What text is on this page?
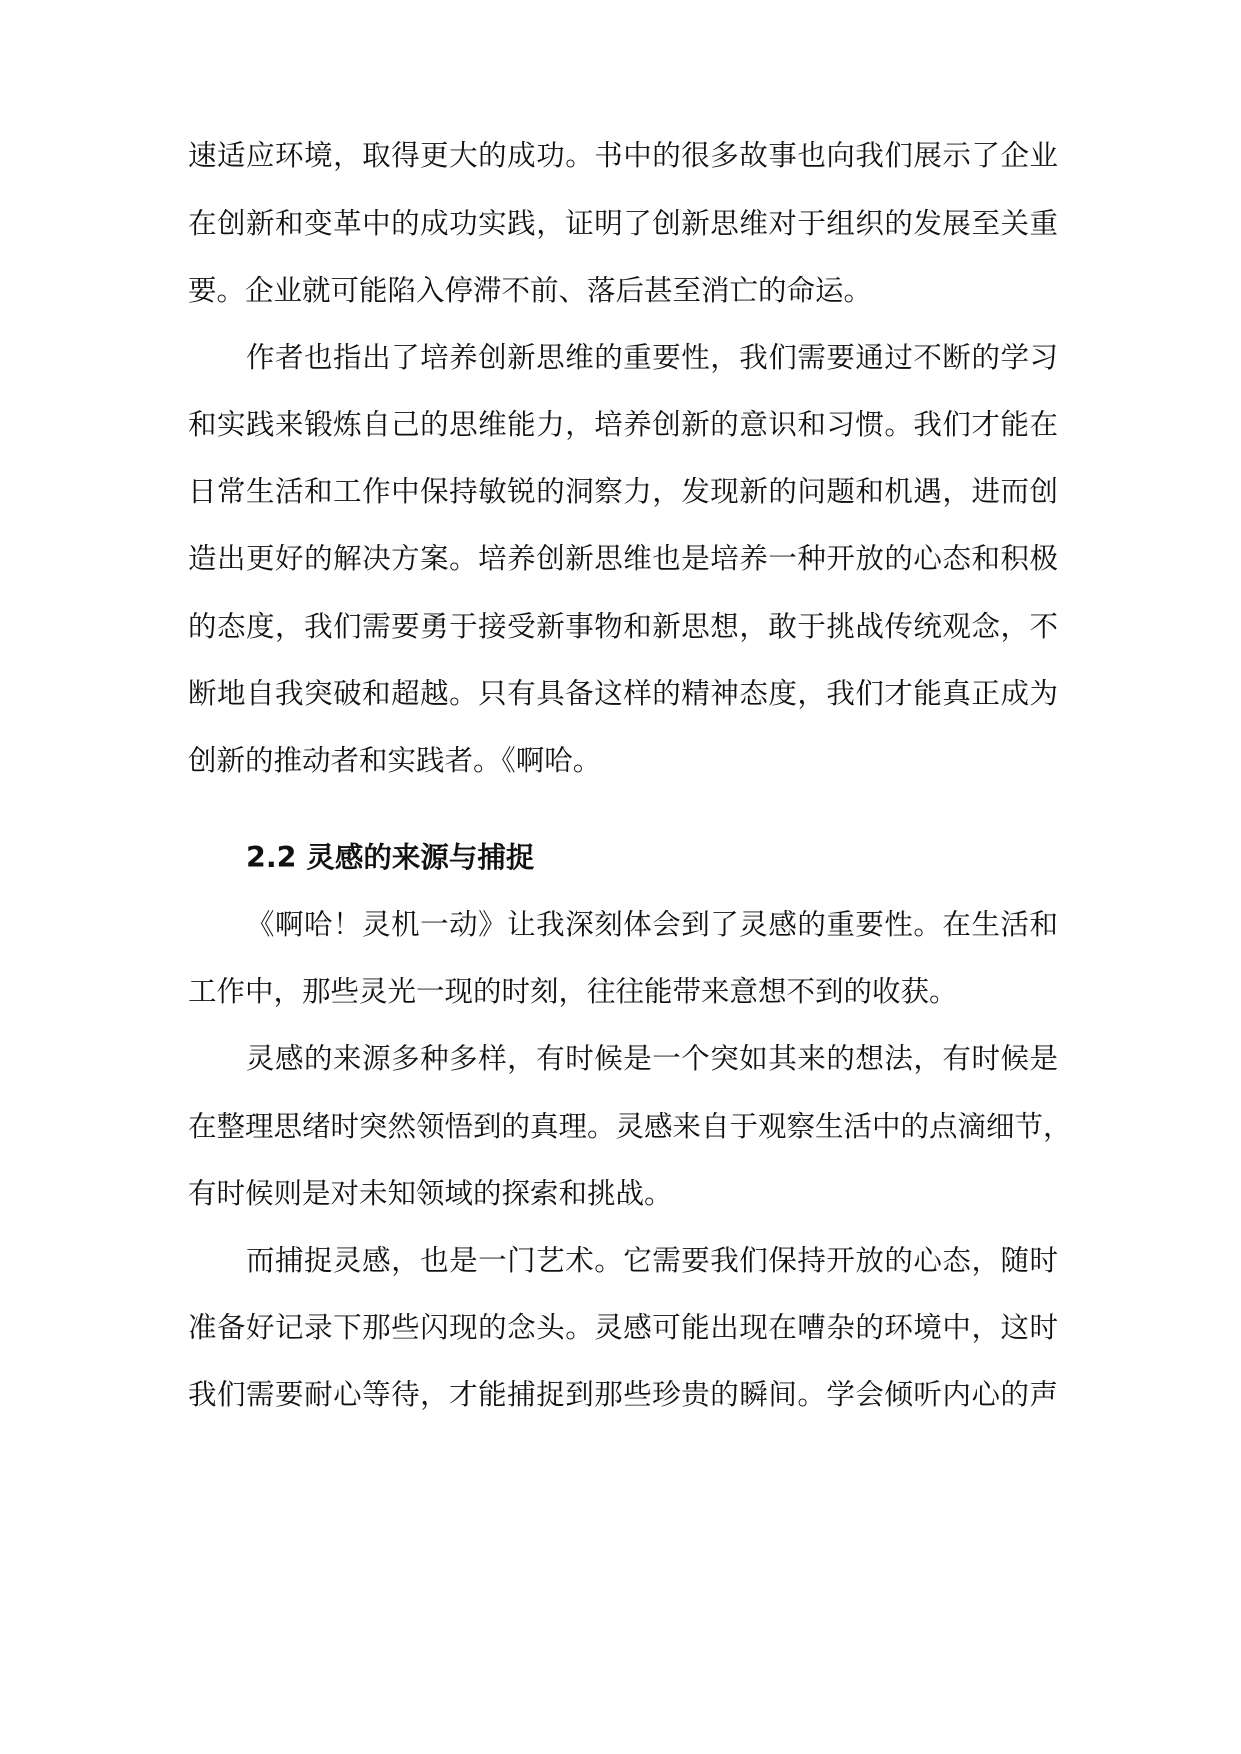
速适应环境，取得更大的成功。书中的很多故事也向我们展示了企业
在创新和变革中的成功实践，证明了创新思维对于组织的发展至关重
要。企业就可能陷入停滞不前、落后甚至消亡的命运。
作者也指出了培养创新思维的重要性，我们需要通过不断的学习
和实践来锻炼自己的思维能力，培养创新的意识和习惯。我们才能在
日常生活和工作中保持敏锐的洞察力，发现新的问题和机遇，进而创
造出更好的解决方案。培养创新思维也是培养一种开放的心态和积极
的态度，我们需要勇于接受新事物和新思想，敢于挑战传统观念，不
断地自我突破和超越。只有具备这样的精神态度，我们才能真正成为
创新的推动者和实践者。《啊哈。
2.2 灵感的来源与捕捉
《啊哈！灵机一动》让我深刻体会到了灵感的重要性。在生活和
工作中，那些灵光一现的时刻，往往能带来意想不到的收获。
灵感的来源多种多样，有时候是一个突如其来的想法，有时候是
在整理思绪时突然领悟到的真理。灵感来自于观察生活中的点滴细节，
有时候则是对未知领域的探索和挑战。
而捕捉灵感，也是一门艺术。它需要我们保持开放的心态，随时
准备好记录下那些闪现的念头。灵感可能出现在嘈杂的环境中，这时
我们需要耐心等待，才能捕捉到那些珍贵的瞬间。学会倾听内心的声
